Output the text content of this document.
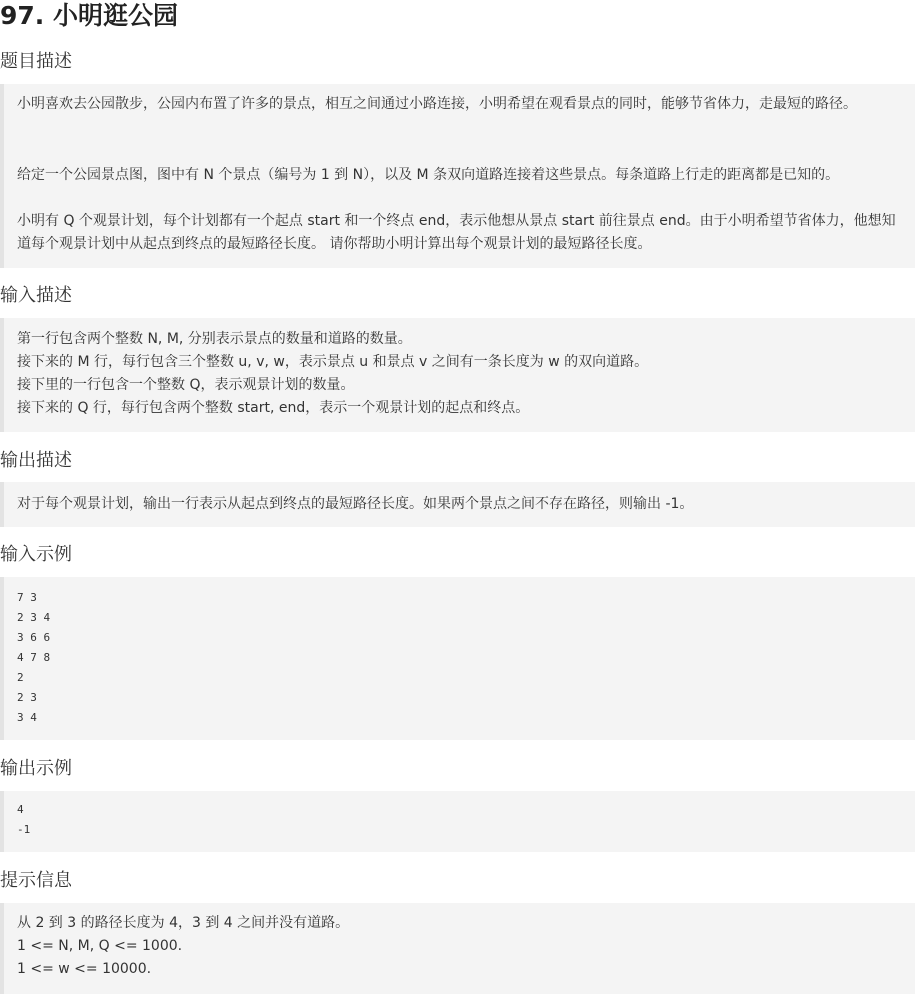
97. 小明逛公园
题目描述
小明喜欢去公园散步，公园内布置了许多的景点，相互之间通过小路连接，小明希望在观看景点的同时，能够节省体力，走最短的路径。
给定一个公园景点图，图中有 N 个景点（编号为 1 到 N），以及 M 条双向道路连接着这些景点。每条道路上行走的距离都是已知的。
小明有 Q 个观景计划，每个计划都有一个起点 start 和一个终点 end，表示他想从景点 start 前往景点 end。由于小明希望节省体力，他想知道每个观景计划中从起点到终点的最短路径长度。 请你帮助小明计算出每个观景计划的最短路径长度。
输入描述
第一行包含两个整数 N, M, 分别表示景点的数量和道路的数量。
接下来的 M 行，每行包含三个整数 u, v, w，表示景点 u 和景点 v 之间有一条长度为 w 的双向道路。
接下里的一行包含一个整数 Q，表示观景计划的数量。
接下来的 Q 行，每行包含两个整数 start, end，表示一个观景计划的起点和终点。
输出描述
对于每个观景计划，输出一行表示从起点到终点的最短路径长度。如果两个景点之间不存在路径，则输出 -1。
输入示例
7 3
2 3 4
3 6 6
4 7 8
2
2 3
3 4
输出示例
4
-1
提示信息
从 2 到 3 的路径长度为 4，3 到 4 之间并没有道路。
1 <= N, M, Q <= 1000.
1 <= w <= 10000.
